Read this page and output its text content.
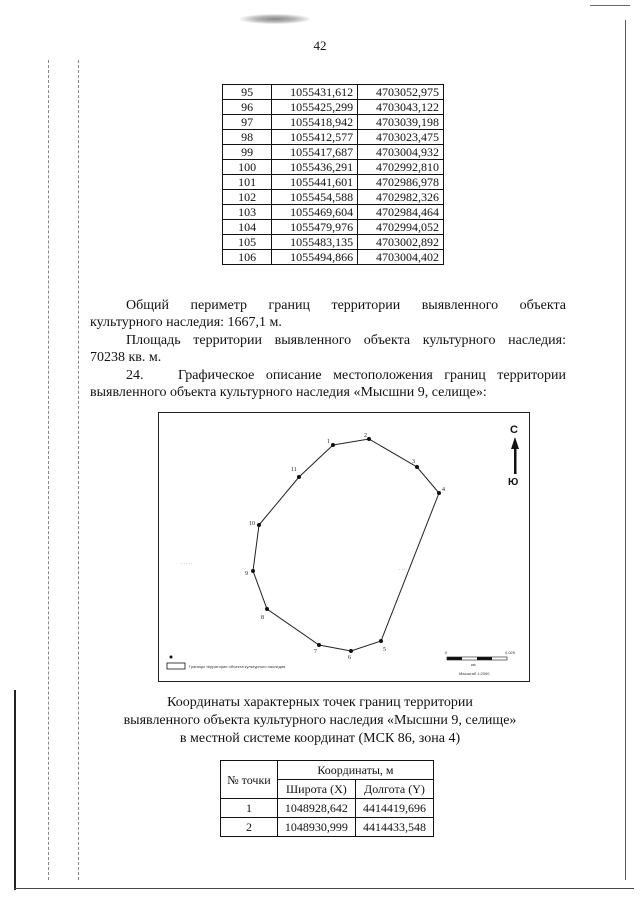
42
95	1055431,612	4703052,975
96	1055425,299	4703043,122
97	1055418,942	4703039,198
98	1055412,577	4703023,475
99	1055417,687	4703004,932
100	1055436,291	4702992,810
101	1055441,601	4702986,978
102	1055454,588	4702982,326
103	1055469,604	4702984,464
104	1055479,976	4702994,052
105	1055483,135	4703002,892
106	1055494,866	4703004,402
Общий периметр границ территории выявленного объекта
культурного наследия: 1667,1 м.
Площадь территории выявленного объекта культурного наследия:
70238 кв. м.
24. Графическое описание местоположения границ территории
выявленного объекта культурного наследия «Мысшни 9, селище»:
· · · · ·
· · ·
1
2
3
4
5
6
7
8
9
10
11
С
Ю
Границы территории объекта культурного наследия
0	0,025
км
Масштаб 1:2000
Координаты характерных точек границ территории
выявленного объекта культурного наследия «Мысшни 9, селище»
в местной системе координат (МСК 86, зона 4)
№ точки	Координаты, м	
	Широта (X)	Долгота (Y)
1	1048928,642	4414419,696
2	1048930,999	4414433,548
